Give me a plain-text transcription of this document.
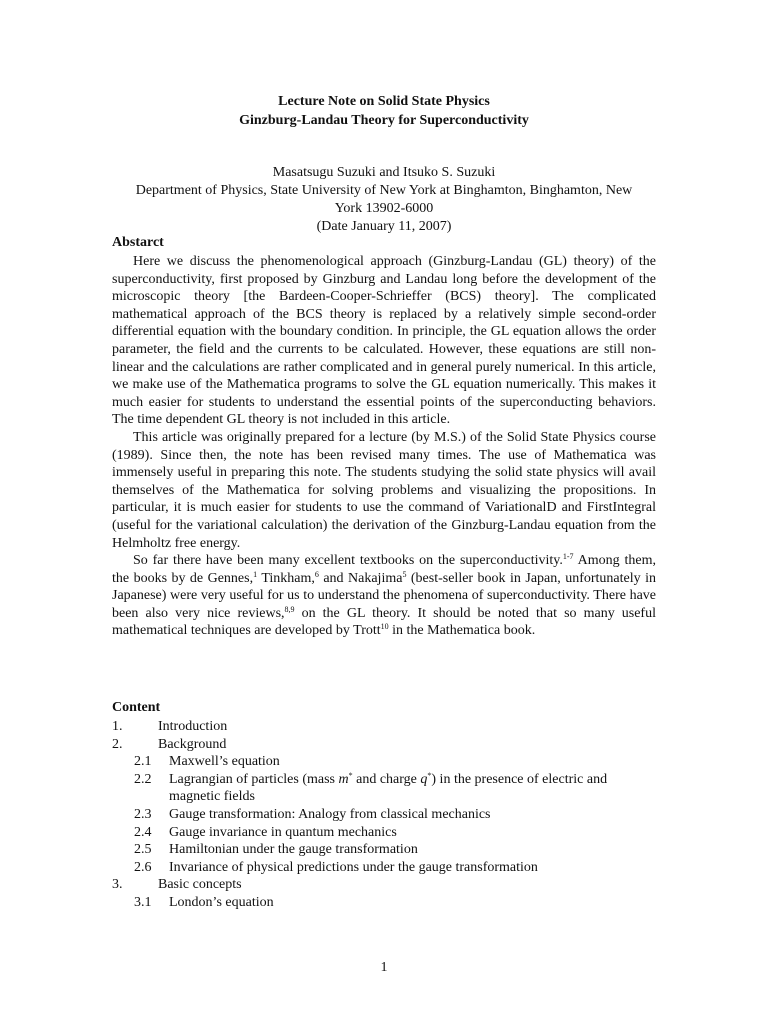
Lecture Note on Solid State Physics
Ginzburg-Landau Theory for Superconductivity
Masatsugu Suzuki and Itsuko S. Suzuki
Department of Physics, State University of New York at Binghamton, Binghamton, New
York 13902-6000
(Date January 11, 2007)
Abstarct

Here we discuss the phenomenological approach (Ginzburg-Landau (GL) theory) of the superconductivity, first proposed by Ginzburg and Landau long before the development of the microscopic theory [the Bardeen-Cooper-Schrieffer (BCS) theory]. The complicated mathematical approach of the BCS theory is replaced by a relatively simple second-order differential equation with the boundary condition. In principle, the GL equation allows the order parameter, the field and the currents to be calculated. However, these equations are still non-linear and the calculations are rather complicated and in general purely numerical. In this article, we make use of the Mathematica programs to solve the GL equation numerically. This makes it much easier for students to understand the essential points of the superconducting behaviors. The time dependent GL theory is not included in this article.

This article was originally prepared for a lecture (by M.S.) of the Solid State Physics course (1989). Since then, the note has been revised many times. The use of Mathematica was immensely useful in preparing this note. The students studying the solid state physics will avail themselves of the Mathematica for solving problems and visualizing the propositions. In particular, it is much easier for students to use the command of VariationalD and FirstIntegral (useful for the variational calculation) the derivation of the Ginzburg-Landau equation from the Helmholtz free energy.

So far there have been many excellent textbooks on the superconductivity.$^{1-7}$ Among them, the books by de Gennes,$^1$ Tinkham,$^6$ and Nakajima$^5$ (best-seller book in Japan, unfortunately in Japanese) were very useful for us to understand the phenomena of superconductivity. There have been also very nice reviews,$^{8,9}$ on the GL theory. It should be noted that so many useful mathematical techniques are developed by Trott$^{10}$ in the Mathematica book.

Content
1.	Introduction
2.	Background
2.1	Maxwell’s equation
2.2	Lagrangian of particles (mass m* and charge q*) in the presence of electric and magnetic fields
2.3	Gauge transformation: Analogy from classical mechanics
2.4	Gauge invariance in quantum mechanics
2.5	Hamiltonian under the gauge transformation
2.6	Invariance of physical predictions under the gauge transformation
3.	Basic concepts
3.1	London’s equation
1
